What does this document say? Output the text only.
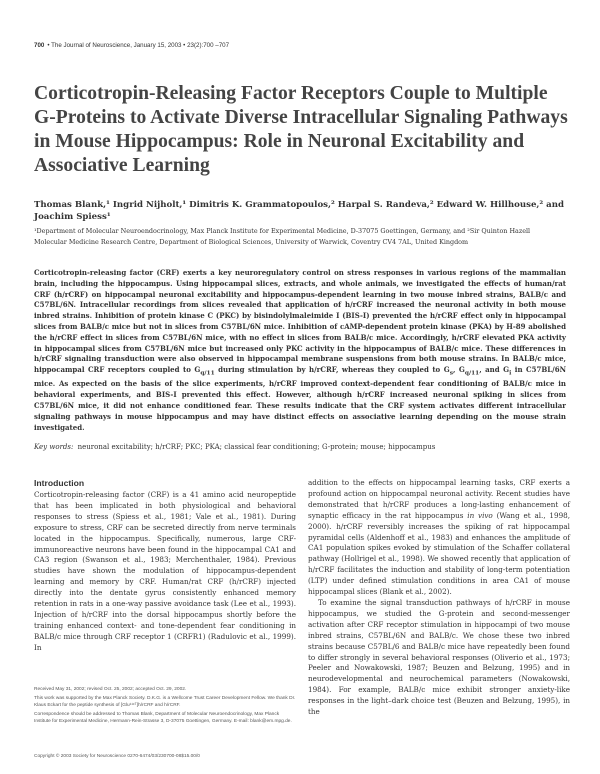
700 • The Journal of Neuroscience, January 15, 2003 • 23(2):700 –707
Corticotropin-Releasing Factor Receptors Couple to Multiple G-Proteins to Activate Diverse Intracellular Signaling Pathways in Mouse Hippocampus: Role in Neuronal Excitability and Associative Learning
Thomas Blank,¹ Ingrid Nijholt,¹ Dimitris K. Grammatopoulos,² Harpal S. Randeva,² Edward W. Hillhouse,² and
Joachim Spiess¹
¹Department of Molecular Neuroendocrinology, Max Planck Institute for Experimental Medicine, D-37075 Goettingen, Germany, and ²Sir Quinton Hazell
Molecular Medicine Research Centre, Department of Biological Sciences, University of Warwick, Coventry CV4 7AL, United Kingdom

Corticotropin-releasing factor (CRF) exerts a key neuroregulatory control on stress responses in various regions of the mammalian brain, including the hippocampus. Using hippocampal slices, extracts, and whole animals, we investigated the effects of human/rat CRF (h/rCRF) on hippocampal neuronal excitability and hippocampus-dependent learning in two mouse inbred strains, BALB/c and C57BL/6N. Intracellular recordings from slices revealed that application of h/rCRF increased the neuronal activity in both mouse inbred strains. Inhibition of protein kinase C (PKC) by bisindolylmaleimide I (BIS-I) prevented the h/rCRF effect only in hippocampal slices from BALB/c mice but not in slices from C57BL/6N mice. Inhibition of cAMP-dependent protein kinase (PKA) by H-89 abolished the h/rCRF effect in slices from C57BL/6N mice, with no effect in slices from BALB/c mice. Accordingly, h/rCRF elevated PKA activity in hippocampal slices from C57BL/6N mice but increased only PKC activity in the hippocampus of BALB/c mice. These differences in h/rCRF signaling transduction were also observed in hippocampal membrane suspensions from both mouse strains. In BALB/c mice, hippocampal CRF receptors coupled to $G_{q/11}$ during stimulation by h/rCRF, whereas they coupled to $G_s$, $G_{q/11}$, and $G_i$ in C57BL/6N mice. As expected on the basis of the slice experiments, h/rCRF improved context-dependent fear conditioning of BALB/c mice in behavioral experiments, and BIS-I prevented this effect. However, although h/rCRF increased neuronal spiking in slices from C57BL/6N mice, it did not enhance conditioned fear. These results indicate that the CRF system activates different intracellular signaling pathways in mouse hippocampus and may have distinct effects on associative learning depending on the mouse strain investigated.

Key words: neuronal excitability; h/rCRF; PKC; PKA; classical fear conditioning; G-protein; mouse; hippocampus
Introduction

Corticotropin-releasing factor (CRF) is a 41 amino acid neuropeptide that has been implicated in both physiological and behavioral responses to stress (Spiess et al., 1981; Vale et al., 1981). During exposure to stress, CRF can be secreted directly from nerve terminals located in the hippocampus. Specifically, numerous, large CRF-immunoreactive neurons have been found in the hippocampal CA1 and CA3 region (Swanson et al., 1983; Merchenthaler, 1984). Previous studies have shown the modulation of hippocampus-dependent learning and memory by CRF. Human/rat CRF (h/rCRF) injected directly into the dentate gyrus consistently enhanced memory retention in rats in a one-way passive avoidance task (Lee et al., 1993). Injection of h/rCRF into the dorsal hippocampus shortly before the training enhanced context- and tone-dependent fear conditioning in BALB/c mice through CRF receptor 1 (CRFR1) (Radulovic et al., 1999). In

addition to the effects on hippocampal learning tasks, CRF exerts a profound action on hippocampal neuronal activity. Recent studies have demonstrated that h/rCRF produces a long-lasting enhancement of synaptic efficacy in the rat hippocampus in vivo (Wang et al., 1998, 2000). h/rCRF reversibly increases the spiking of rat hippocampal pyramidal cells (Aldenhoff et al., 1983) and enhances the amplitude of CA1 population spikes evoked by stimulation of the Schaffer collateral pathway (Hollrigel et al., 1998). We showed recently that application of h/rCRF facilitates the induction and stability of long-term potentiation (LTP) under defined stimulation conditions in area CA1 of mouse hippocampal slices (Blank et al., 2002).

To examine the signal transduction pathways of h/rCRF in mouse hippocampus, we studied the G-protein and second-messenger activation after CRF receptor stimulation in hippocampi of two mouse inbred strains, C57BL/6N and BALB/c. We chose these two inbred strains because C57BL/6 and BALB/c mice have repeatedly been found to differ strongly in several behavioral responses (Oliverio et al., 1973; Peeler and Nowakowski, 1987; Beuzen and Belzung, 1995) and in neurodevelopmental and neurochemical parameters (Nowakowski, 1984). For example, BALB/c mice exhibit stronger anxiety-like responses in the light–dark choice test (Beuzen and Belzung, 1995), in the

Received May 31, 2002; revised Oct. 25, 2002; accepted Oct. 29, 2002.

This work was supported by the Max Planck Society. D.K.G. is a Wellcome Trust Career Development Fellow. We thank Dr. Klaus Eckart for the peptide synthesis of [Glu¹¹ᶜᵀ]h/rCRF and h/rCRF.

Correspondence should be addressed to Thomas Blank, Department of Molecular Neuroendocrinology, Max Planck Institute for Experimental Medicine, Hermann-Rein-Strasse 3, D-37075 Goettingen, Germany. E-mail: blank@em.mpg.de.

Copyright © 2003 Society for Neuroscience 0270-6474/03/230700-08$15.00/0
